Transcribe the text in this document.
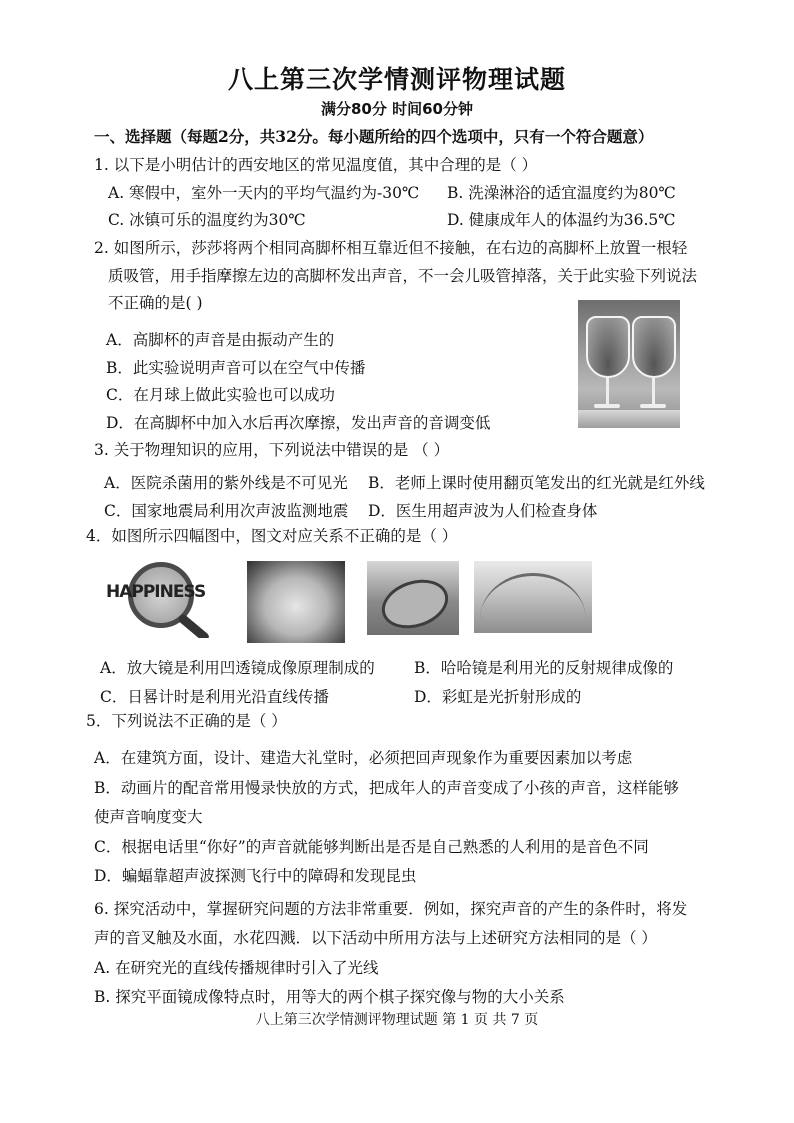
八上第三次学情测评物理试题
满分80分 时间60分钟
一、选择题（每题2分，共32分。每小题所给的四个选项中，只有一个符合题意）
1. 以下是小明估计的西安地区的常见温度值，其中合理的是（ ）
A. 寒假中，室外一天内的平均气温约为-30℃ B. 洗澡淋浴的适宜温度约为80℃
C. 冰镇可乐的温度约为30℃	D. 健康成年人的体温约为36.5℃
2. 如图所示，莎莎将两个相同高脚杯相互靠近但不接触，在右边的高脚杯上放置一根轻
质吸管，用手指摩擦左边的高脚杯发出声音，不一会儿吸管掉落，关于此实验下列说法
不正确的是( )
A．高脚杯的声音是由振动产生的
B．此实验说明声音可以在空气中传播
C．在月球上做此实验也可以成功
D．在高脚杯中加入水后再次摩擦，发出声音的音调变低
3. 关于物理知识的应用，下列说法中错误的是 （ ）
A．医院杀菌用的紫外线是不可见光 B．老师上课时使用翻页笔发出的红光就是红外线
C．国家地震局利用次声波监测地震 D．医生用超声波为人们检查身体
4．如图所示四幅图中，图文对应关系不正确的是（ ）
HAPPINESS
A．放大镜是利用凹透镜成像原理制成的	B．哈哈镜是利用光的反射规律成像的
C．日晷计时是利用光沿直线传播	D．彩虹是光折射形成的
5．下列说法不正确的是（ ）
A．在建筑方面，设计、建造大礼堂时，必须把回声现象作为重要因素加以考虑
B．动画片的配音常用慢录快放的方式，把成年人的声音变成了小孩的声音，这样能够
使声音响度变大
C．根据电话里“你好”的声音就能够判断出是否是自己熟悉的人利用的是音色不同
D．蝙蝠靠超声波探测飞行中的障碍和发现昆虫
6. 探究活动中，掌握研究问题的方法非常重要．例如，探究声音的产生的条件时，将发
声的音叉触及水面，水花四溅．以下活动中所用方法与上述研究方法相同的是（ ）
A. 在研究光的直线传播规律时引入了光线
B. 探究平面镜成像特点时，用等大的两个棋子探究像与物的大小关系
八上第三次学情测评物理试题 第 1 页 共 7 页
